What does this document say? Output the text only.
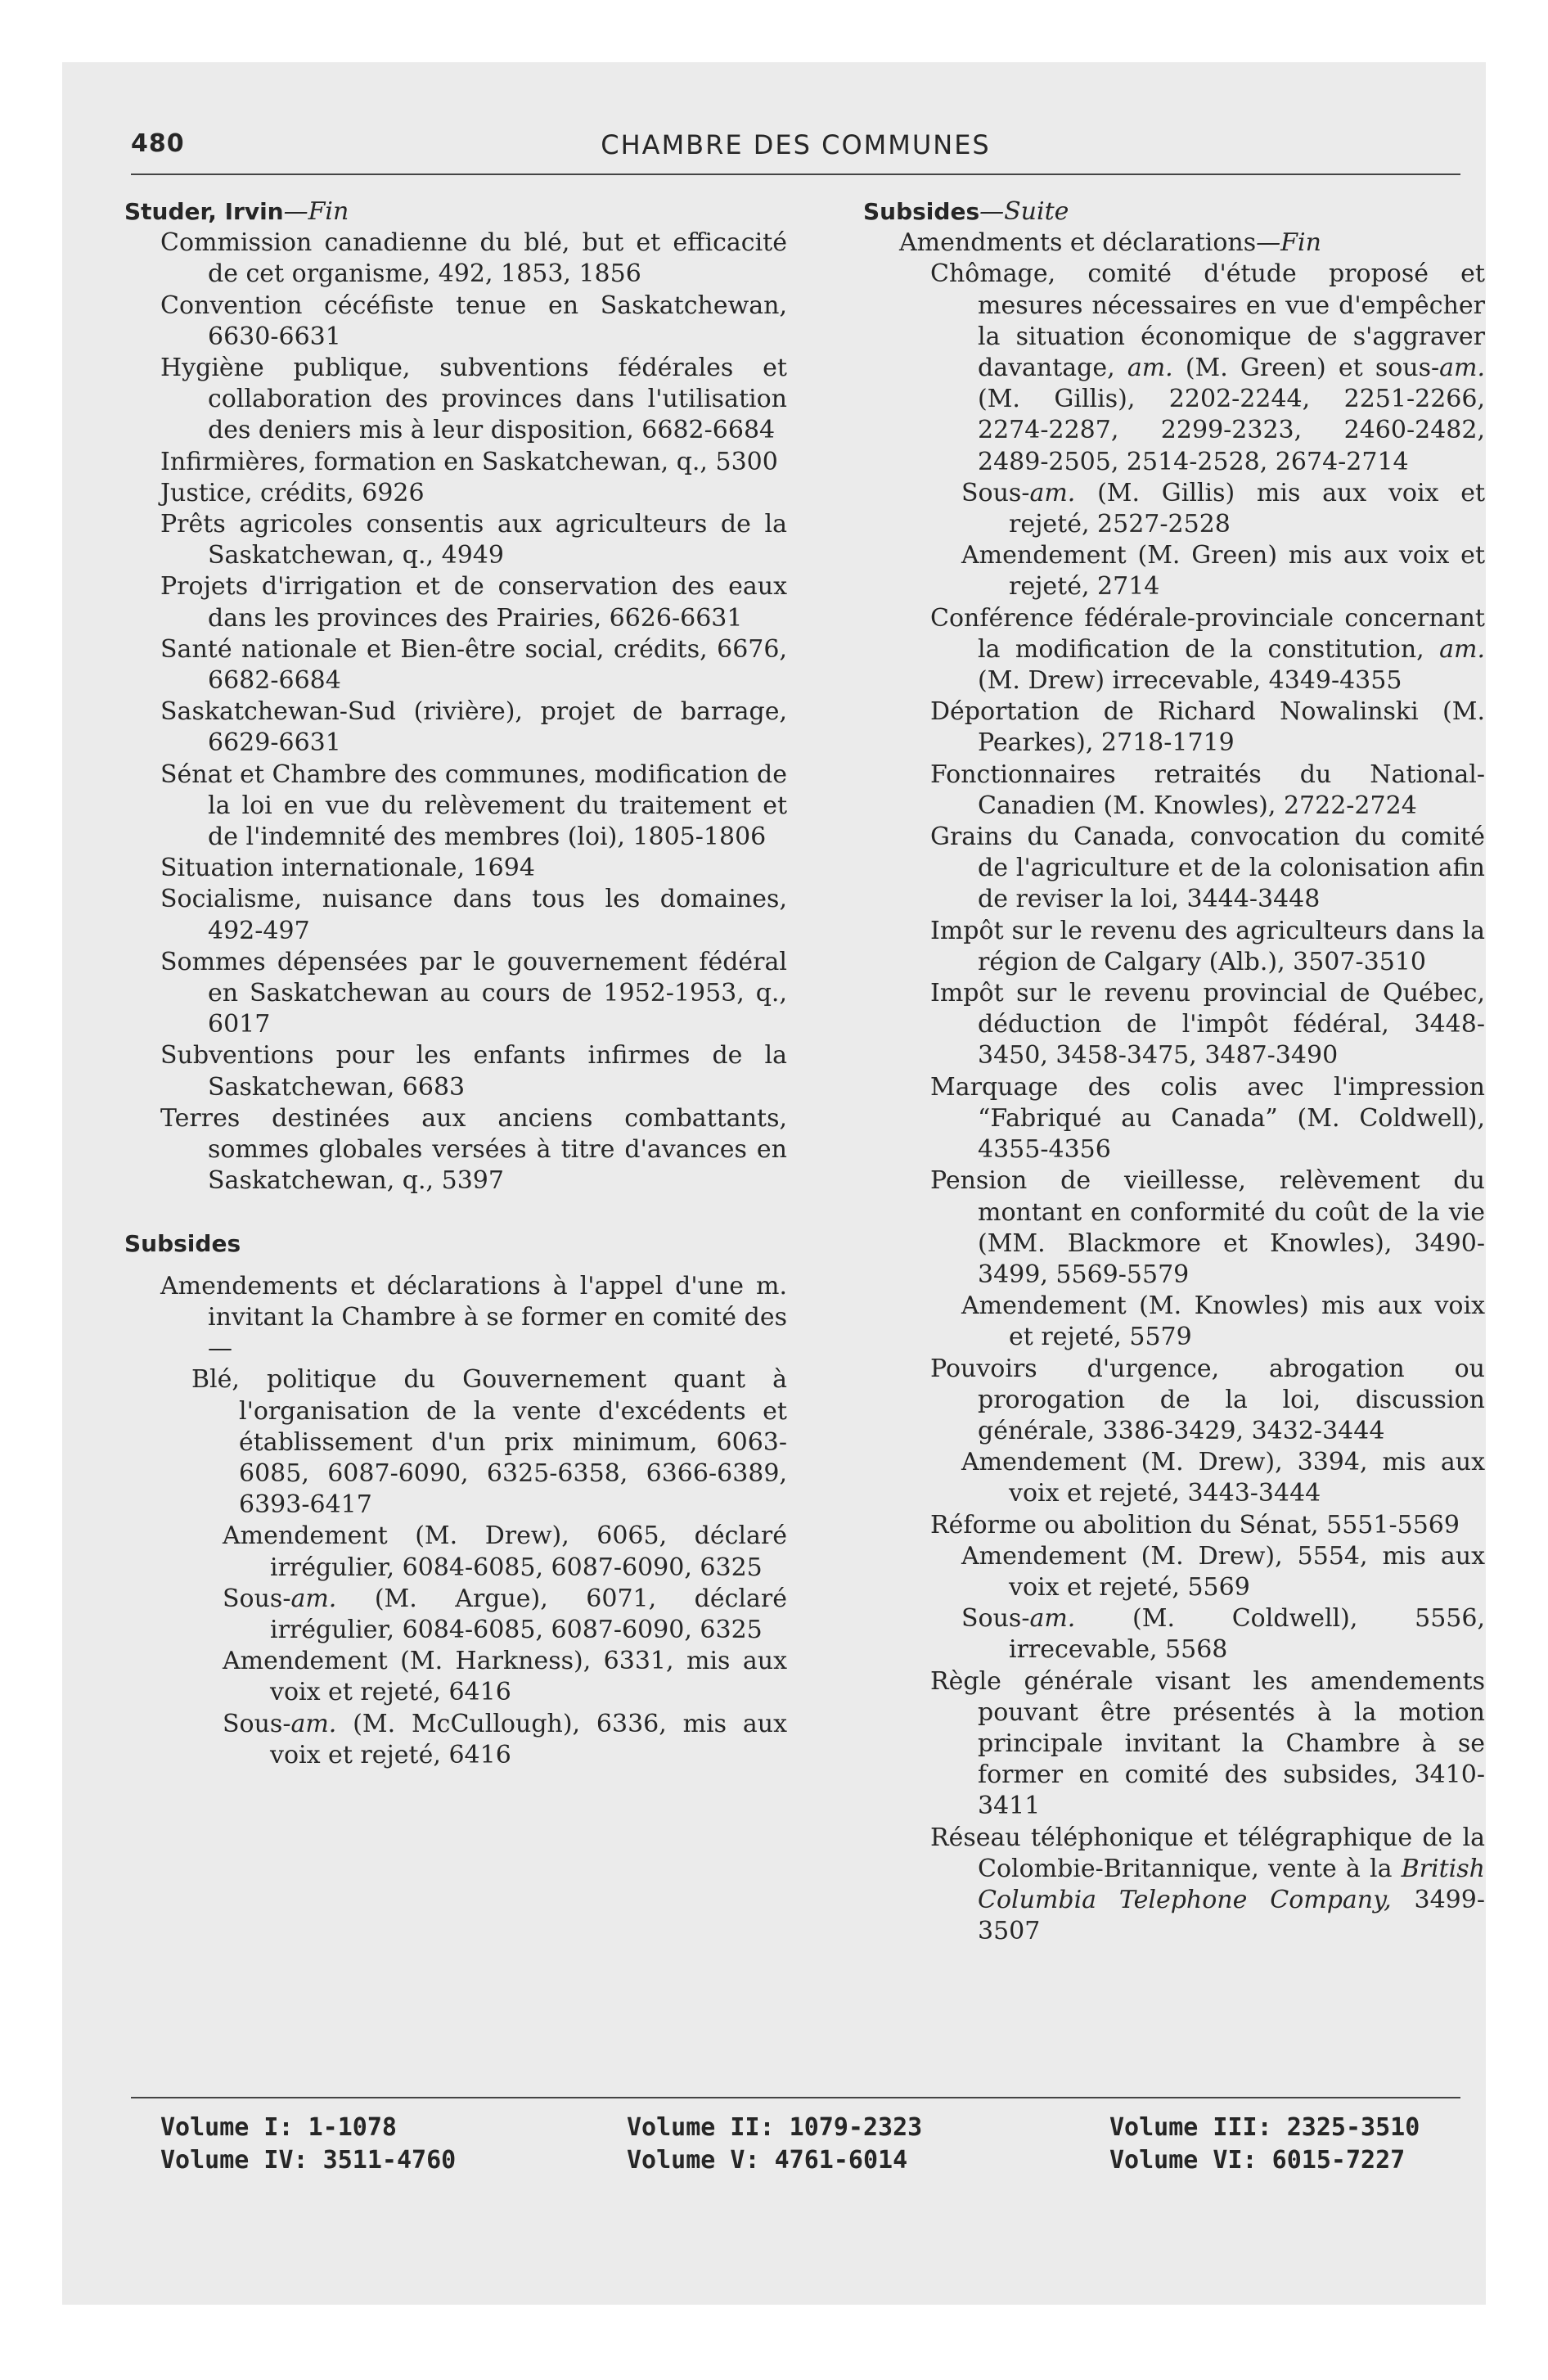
480	CHAMBRE DES COMMUNES
Studer, Irvin—Fin
Commission canadienne du blé, but et efficacité de cet organisme, 492, 1853, 1856
Convention cécéfiste tenue en Saskatchewan, 6630-6631
Hygiène publique, subventions fédérales et collaboration des provinces dans l'utilisation des deniers mis à leur disposition, 6682-6684
Infirmières, formation en Saskatchewan, q., 5300
Justice, crédits, 6926
Prêts agricoles consentis aux agriculteurs de la Saskatchewan, q., 4949
Projets d'irrigation et de conservation des eaux dans les provinces des Prairies, 6626-6631
Santé nationale et Bien-être social, crédits, 6676, 6682-6684
Saskatchewan-Sud (rivière), projet de barrage, 6629-6631
Sénat et Chambre des communes, modification de la loi en vue du relèvement du traitement et de l'indemnité des membres (loi), 1805-1806
Situation internationale, 1694
Socialisme, nuisance dans tous les domaines, 492-497
Sommes dépensées par le gouvernement fédéral en Saskatchewan au cours de 1952-1953, q., 6017
Subventions pour les enfants infirmes de la Saskatchewan, 6683
Terres destinées aux anciens combattants, sommes globales versées à titre d'avances en Saskatchewan, q., 5397
Subsides
Amendements et déclarations à l'appel d'une m. invitant la Chambre à se former en comité des—
Blé, politique du Gouvernement quant à l'organisation de la vente d'excédents et établissement d'un prix minimum, 6063-6085, 6087-6090, 6325-6358, 6366-6389, 6393-6417
Amendement (M. Drew), 6065, déclaré irrégulier, 6084-6085, 6087-6090, 6325
Sous-am. (M. Argue), 6071, déclaré irrégulier, 6084-6085, 6087-6090, 6325
Amendement (M. Harkness), 6331, mis aux voix et rejeté, 6416
Sous-am. (M. McCullough), 6336, mis aux voix et rejeté, 6416
Subsides—Suite
Amendments et déclarations—Fin
Chômage, comité d'étude proposé et mesures nécessaires en vue d'empêcher la situation économique de s'aggraver davantage, am. (M. Green) et sous-am. (M. Gillis), 2202-2244, 2251-2266, 2274-2287, 2299-2323, 2460-2482, 2489-2505, 2514-2528, 2674-2714
Sous-am. (M. Gillis) mis aux voix et rejeté, 2527-2528
Amendement (M. Green) mis aux voix et rejeté, 2714
Conférence fédérale-provinciale concernant la modification de la constitution, am. (M. Drew) irrecevable, 4349-4355
Déportation de Richard Nowalinski (M. Pearkes), 2718-1719
Fonctionnaires retraités du National-Canadien (M. Knowles), 2722-2724
Grains du Canada, convocation du comité de l'agriculture et de la colonisation afin de reviser la loi, 3444-3448
Impôt sur le revenu des agriculteurs dans la région de Calgary (Alb.), 3507-3510
Impôt sur le revenu provincial de Québec, déduction de l'impôt fédéral, 3448-3450, 3458-3475, 3487-3490
Marquage des colis avec l'impression “Fabriqué au Canada” (M. Coldwell), 4355-4356
Pension de vieillesse, relèvement du montant en conformité du coût de la vie (MM. Blackmore et Knowles), 3490-3499, 5569-5579
Amendement (M. Knowles) mis aux voix et rejeté, 5579
Pouvoirs d'urgence, abrogation ou prorogation de la loi, discussion générale, 3386-3429, 3432-3444
Amendement (M. Drew), 3394, mis aux voix et rejeté, 3443-3444
Réforme ou abolition du Sénat, 5551-5569
Amendement (M. Drew), 5554, mis aux voix et rejeté, 5569
Sous-am. (M. Coldwell), 5556, irrecevable, 5568
Règle générale visant les amendements pouvant être présentés à la motion principale invitant la Chambre à se former en comité des subsides, 3410-3411
Réseau téléphonique et télégraphique de la Colombie-Britannique, vente à la British Columbia Telephone Company, 3499-3507
Volume I: 1-1078
Volume IV: 3511-4760
Volume II: 1079-2323
Volume V: 4761-6014
Volume III: 2325-3510
Volume VI: 6015-7227
